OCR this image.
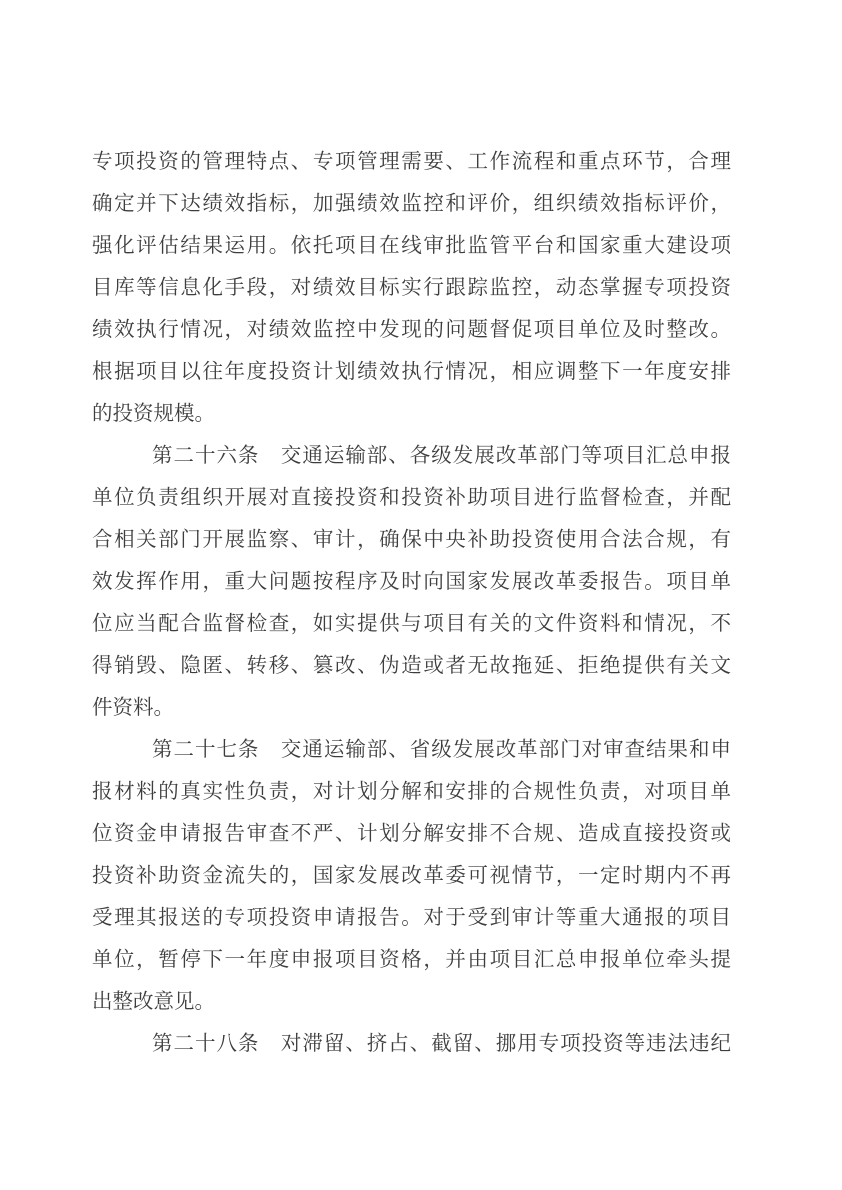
专项投资的管理特点、专项管理需要、工作流程和重点环节，合理
确定并下达绩效指标，加强绩效监控和评价，组织绩效指标评价，
强化评估结果运用。依托项目在线审批监管平台和国家重大建设项
目库等信息化手段，对绩效目标实行跟踪监控，动态掌握专项投资
绩效执行情况，对绩效监控中发现的问题督促项目单位及时整改。
根据项目以往年度投资计划绩效执行情况，相应调整下一年度安排
的投资规模。

第二十六条　交通运输部、各级发展改革部门等项目汇总申报
单位负责组织开展对直接投资和投资补助项目进行监督检查，并配
合相关部门开展监察、审计，确保中央补助投资使用合法合规，有
效发挥作用，重大问题按程序及时向国家发展改革委报告。项目单
位应当配合监督检查，如实提供与项目有关的文件资料和情况，不
得销毁、隐匿、转移、篡改、伪造或者无故拖延、拒绝提供有关文
件资料。

第二十七条　交通运输部、省级发展改革部门对审查结果和申
报材料的真实性负责，对计划分解和安排的合规性负责，对项目单
位资金申请报告审查不严、计划分解安排不合规、造成直接投资或
投资补助资金流失的，国家发展改革委可视情节，一定时期内不再
受理其报送的专项投资申请报告。对于受到审计等重大通报的项目
单位，暂停下一年度申报项目资格，并由项目汇总申报单位牵头提
出整改意见。

第二十八条　对滞留、挤占、截留、挪用专项投资等违法违纪
